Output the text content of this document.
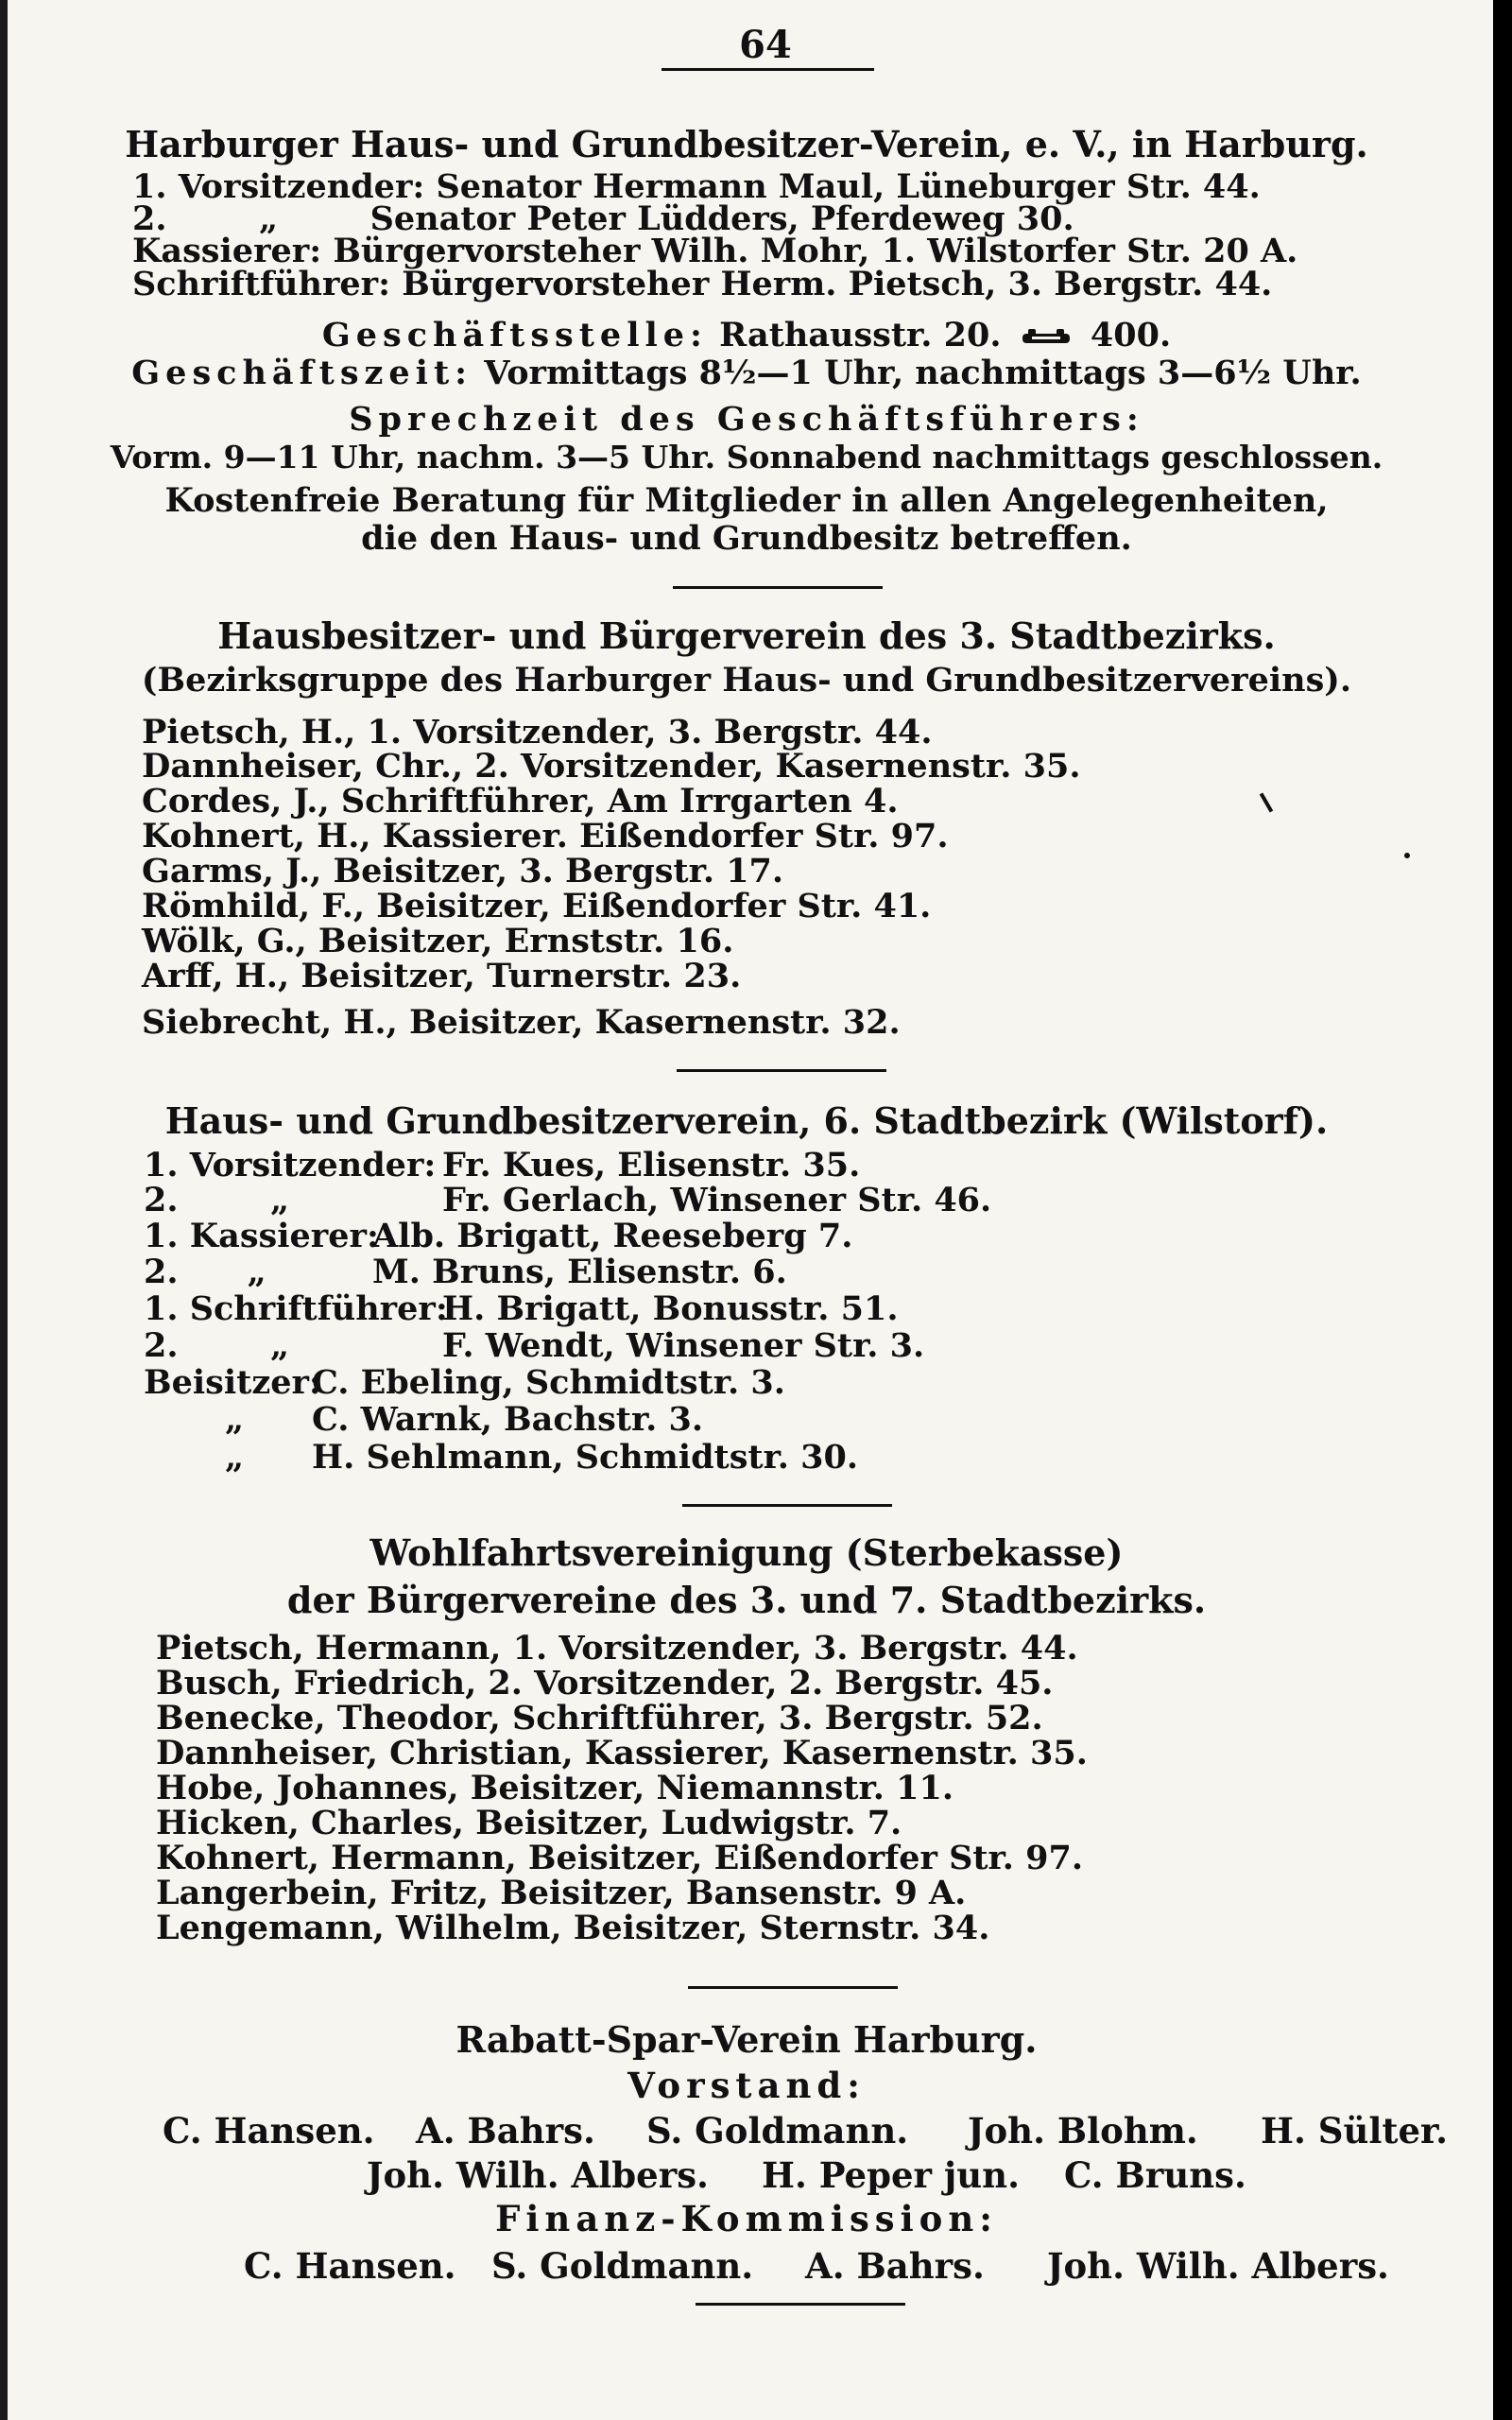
64
Harburger Haus- und Grundbesitzer-Verein, e. V., in Harburg.
1. Vorsitzender: Senator Hermann Maul, Lüneburger Str. 44.
2.        „        Senator Peter Lüdders, Pferdeweg 30.
Kassierer: Bürgervorsteher Wilh. Mohr, 1. Wilstorfer Str. 20 A.
Schriftführer: Bürgervorsteher Herm. Pietsch, 3. Bergstr. 44.
Geschäftsstelle: Rathausstr. 20.	400.
Geschäftszeit: Vormittags 8½—1 Uhr, nachmittags 3—6½ Uhr.
Sprechzeit des Geschäftsführers:
Vorm. 9—11 Uhr, nachm. 3—5 Uhr. Sonnabend nachmittags geschlossen.
Kostenfreie Beratung für Mitglieder in allen Angelegenheiten,
die den Haus- und Grundbesitz betreffen.
Hausbesitzer- und Bürgerverein des 3. Stadtbezirks.
(Bezirksgruppe des Harburger Haus- und Grundbesitzervereins).
Pietsch, H., 1. Vorsitzender, 3. Bergstr. 44.
Dannheiser, Chr., 2. Vorsitzender, Kasernenstr. 35.
Cordes, J., Schriftführer, Am Irrgarten 4.
Kohnert, H., Kassierer. Eißendorfer Str. 97.
Garms, J., Beisitzer, 3. Bergstr. 17.
Römhild, F., Beisitzer, Eißendorfer Str. 41.
Wölk, G., Beisitzer, Ernststr. 16.
Arff, H., Beisitzer, Turnerstr. 23.
Siebrecht, H., Beisitzer, Kasernenstr. 32.
Haus- und Grundbesitzerverein, 6. Stadtbezirk (Wilstorf).
1. Vorsitzender: Fr. Kues, Elisenstr. 35.
2.        „	Fr. Gerlach, Winsener Str. 46.
1. Kassierer:
Alb. Brigatt, Reeseberg 7.
2.      „	M. Bruns, Elisenstr. 6.
1. Schriftführer:
H. Brigatt, Bonusstr. 51.
2.        „	F. Wendt, Winsener Str. 3.
Beisitzer:
C. Ebeling, Schmidtstr. 3.
„ C. Warnk, Bachstr. 3.
„ H. Sehlmann, Schmidtstr. 30.
Wohlfahrtsvereinigung (Sterbekasse)
der Bürgervereine des 3. und 7. Stadtbezirks.
Pietsch, Hermann, 1. Vorsitzender, 3. Bergstr. 44.
Busch, Friedrich, 2. Vorsitzender, 2. Bergstr. 45.
Benecke, Theodor, Schriftführer, 3. Bergstr. 52.
Dannheiser, Christian, Kassierer, Kasernenstr. 35.
Hobe, Johannes, Beisitzer, Niemannstr. 11.
Hicken, Charles, Beisitzer, Ludwigstr. 7.
Kohnert, Hermann, Beisitzer, Eißendorfer Str. 97.
Langerbein, Fritz, Beisitzer, Bansenstr. 9 A.
Lengemann, Wilhelm, Beisitzer, Sternstr. 34.
Rabatt-Spar-Verein Harburg.
Vorstand:
C. Hansen. A. Bahrs. S. Goldmann. Joh. Blohm. H. Sülter.
Joh. Wilh. Albers. H. Peper jun. C. Bruns.
Finanz-Kommission:
C. Hansen. S. Goldmann. A. Bahrs. Joh. Wilh. Albers.
